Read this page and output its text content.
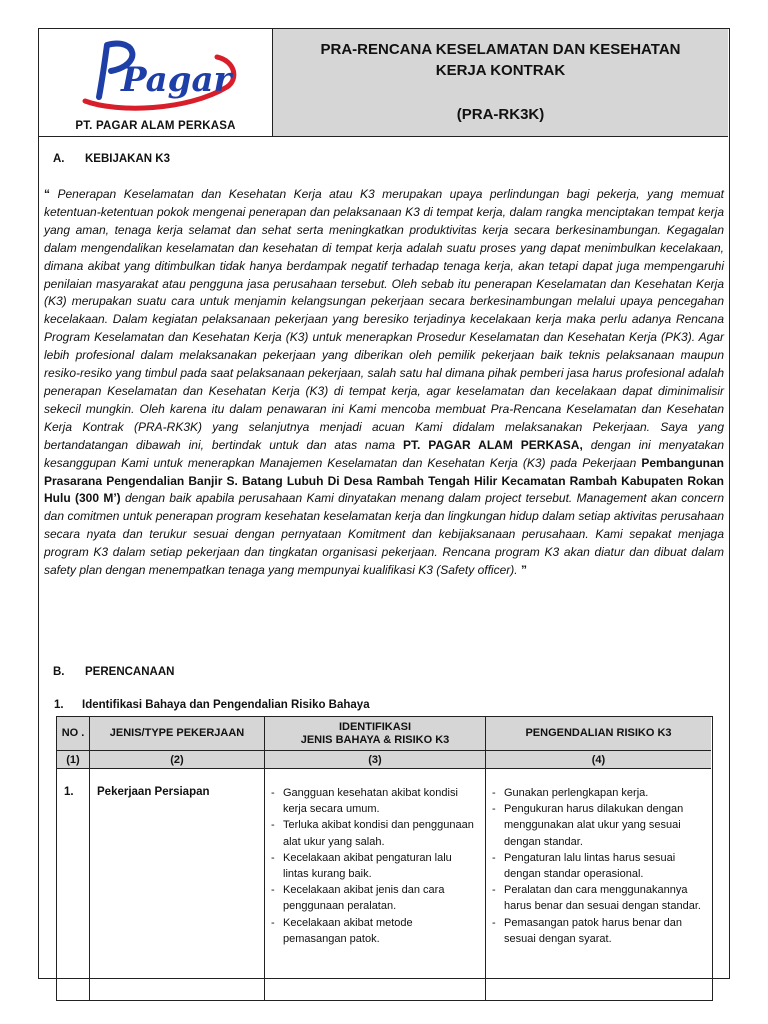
Pagar
PT. PAGAR ALAM PERKASA
PRA-RENCANA KESELAMATAN DAN KESEHATAN
KERJA KONTRAK
(PRA-RK3K)
A. KEBIJAKAN K3
“ Penerapan Keselamatan dan Kesehatan Kerja atau K3 merupakan upaya perlindungan bagi pekerja, yang memuat ketentuan-ketentuan pokok mengenai penerapan dan pelaksanaan K3 di tempat kerja, dalam rangka menciptakan tempat kerja yang aman, tenaga kerja selamat dan sehat serta meningkatkan produktivitas kerja secara berkesinambungan. Kegagalan dalam mengendalikan keselamatan dan kesehatan di tempat kerja adalah suatu proses yang dapat menimbulkan kecelakaan, dimana akibat yang ditimbulkan tidak hanya berdampak negatif terhadap tenaga kerja, akan tetapi dapat juga mempengaruhi penilaian masyarakat atau pengguna jasa perusahaan tersebut. Oleh sebab itu penerapan Keselamatan dan Kesehatan Kerja (K3) merupakan suatu cara untuk menjamin kelangsungan pekerjaan secara berkesinambungan melalui upaya pencegahan kecelakaan. Dalam kegiatan pelaksanaan pekerjaan yang beresiko terjadinya kecelakaan kerja maka perlu adanya Rencana Program Keselamatan dan Kesehatan Kerja (K3) untuk menerapkan Prosedur Keselamatan dan Kesehatan Kerja (PK3). Agar lebih profesional dalam melaksanakan pekerjaan yang diberikan oleh pemilik pekerjaan baik teknis pelaksanaan maupun resiko-resiko yang timbul pada saat pelaksanaan pekerjaan, salah satu hal dimana pihak pemberi jasa harus profesional adalah penerapan Keselamatan dan Kesehatan Kerja (K3) di tempat kerja, agar keselamatan dan kecelakaan dapat diminimalisir sekecil mungkin. Oleh karena itu dalam penawaran ini Kami mencoba membuat Pra-Rencana Keselamatan dan Kesehatan Kerja Kontrak (PRA-RK3K) yang selanjutnya menjadi acuan Kami didalam melaksanakan Pekerjaan. Saya yang bertandatangan dibawah ini, bertindak untuk dan atas nama PT. PAGAR ALAM PERKASA, dengan ini menyatakan kesanggupan Kami untuk menerapkan Manajemen Keselamatan dan Kesehatan Kerja (K3) pada Pekerjaan Pembangunan Prasarana Pengendalian Banjir S. Batang Lubuh Di Desa Rambah Tengah Hilir Kecamatan Rambah Kabupaten Rokan Hulu (300 M’) dengan baik apabila perusahaan Kami dinyatakan menang dalam project tersebut. Management akan concern dan comitmen untuk penerapan program kesehatan keselamatan kerja dan lingkungan hidup dalam setiap aktivitas perusahaan secara nyata dan terukur sesuai dengan pernyataan Komitment dan kebijaksanaan perusahaan. Kami sepakat menjaga program K3 dalam setiap pekerjaan dan tingkatan organisasi pekerjaan. Rencana program K3 akan diatur dan dibuat dalam safety plan dengan menempatkan tenaga yang mempunyai kualifikasi K3 (Safety officer). ”
B. PERENCANAAN
1. Identifikasi Bahaya dan Pengendalian Risiko Bahaya
NO .	JENIS/TYPE PEKERJAAN
IDENTIFIKASI
JENIS BAHAYA & RISIKO K3
PENGENDALIAN RISIKO K3
(1)	(2)	(3)	(4)
1. Pekerjaan Persiapan
-	Gangguan kesehatan akibat kondisi kerja secara umum.
- Terluka akibat kondisi dan penggunaan alat ukur yang salah.
- Kecelakaan akibat pengaturan lalu lintas kurang baik.
- Kecelakaan akibat jenis dan cara penggunaan peralatan.
- Kecelakaan akibat metode pemasangan patok.
- Gunakan perlengkapan kerja.
- Pengukuran harus dilakukan dengan menggunakan alat ukur yang sesuai dengan standar.
- Pengaturan lalu lintas harus sesuai dengan standar operasional.
- Peralatan dan cara menggunakannya harus benar dan sesuai dengan standar.
- Pemasangan patok harus benar dan sesuai dengan syarat.
